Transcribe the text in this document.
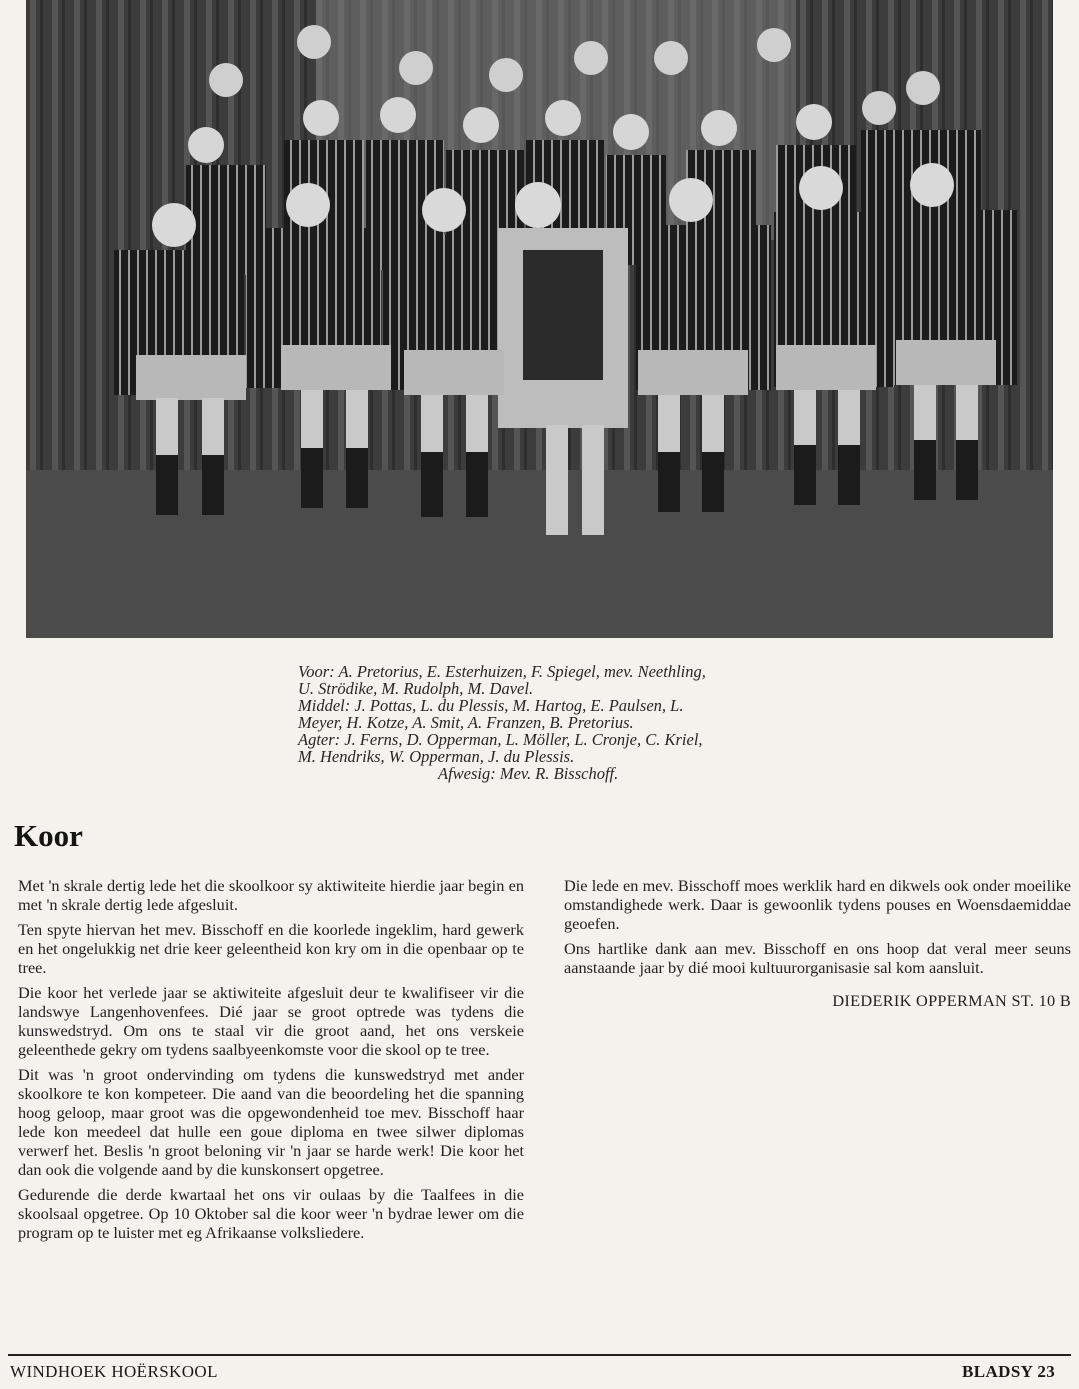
Voor: A. Pretorius, E. Esterhuizen, F. Spiegel, mev. Neethling,
U. Strödike, M. Rudolph, M. Davel.
Middel: J. Pottas, L. du Plessis, M. Hartog, E. Paulsen, L.
Meyer, H. Kotze, A. Smit, A. Franzen, B. Pretorius.
Agter: J. Ferns, D. Opperman, L. Möller, L. Cronje, C. Kriel,
M. Hendriks, W. Opperman, J. du Plessis.
Afwesig: Mev. R. Bisschoff.
Koor

Met 'n skrale dertig lede het die skoolkoor sy aktiwiteite hierdie jaar begin en met 'n skrale dertig lede afgesluit.

Ten spyte hiervan het mev. Bisschoff en die koorlede ingeklim, hard gewerk en het ongelukkig net drie keer geleentheid kon kry om in die openbaar op te tree.

Die koor het verlede jaar se aktiwiteite afgesluit deur te kwalifiseer vir die landswye Langenhovenfees. Dié jaar se groot optrede was tydens die kunswedstryd. Om ons te staal vir die groot aand, het ons verskeie geleenthede gekry om tydens saalbyeenkomste voor die skool op te tree.

Dit was 'n groot ondervinding om tydens die kunswedstryd met ander skoolkore te kon kompeteer. Die aand van die beoordeling het die spanning hoog geloop, maar groot was die opgewondenheid toe mev. Bisschoff haar lede kon meedeel dat hulle een goue diploma en twee silwer diplomas verwerf het. Beslis 'n groot beloning vir 'n jaar se harde werk! Die koor het dan ook die volgende aand by die kunskonsert opgetree.

Gedurende die derde kwartaal het ons vir oulaas by die Taalfees in die skoolsaal opgetree. Op 10 Oktober sal die koor weer 'n bydrae lewer om die program op te luister met eg Afrikaanse volksliedere.

Die lede en mev. Bisschoff moes werklik hard en dikwels ook onder moeilike omstandighede werk. Daar is gewoonlik tydens pouses en Woensdaemiddae geoefen.

Ons hartlike dank aan mev. Bisschoff en ons hoop dat veral meer seuns aanstaande jaar by dié mooi kultuurorganisasie sal kom aansluit.

DIEDERIK OPPERMAN ST. 10 B
WINDHOEK HOËRSKOOL	BLADSY 23
